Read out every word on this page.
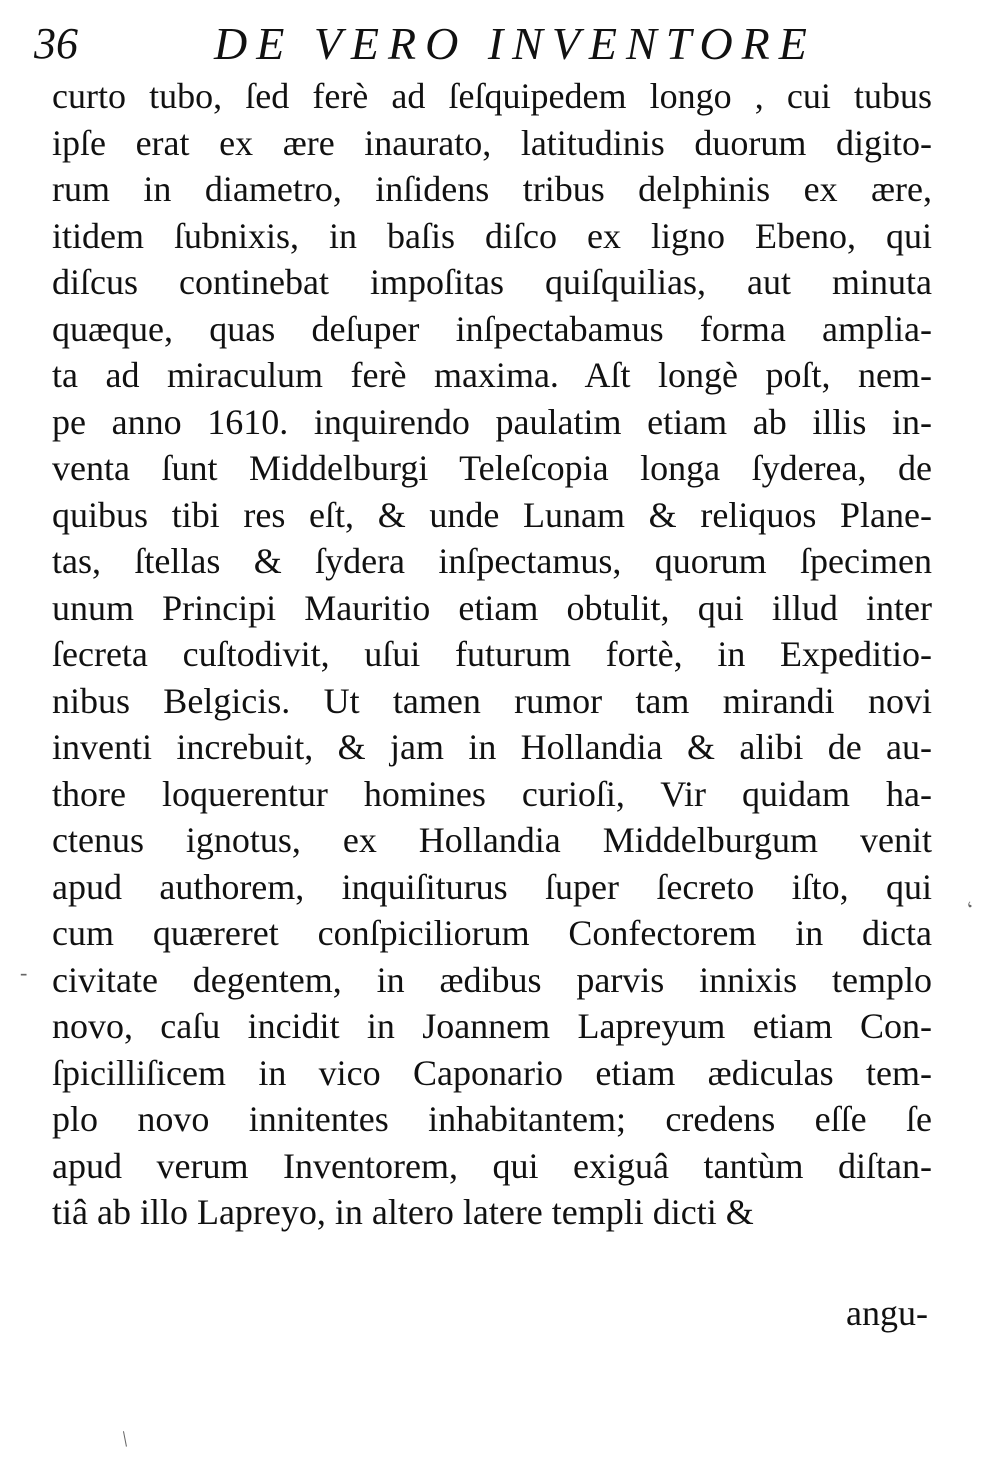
36	DE VERO INVENTORE
curto tubo, ſed ferè ad ſeſquipedem longo , cui tubus
ipſe erat ex ære inaurato, latitudinis duorum digito-
rum in diametro, inſidens tribus delphinis ex ære,
itidem ſubnixis, in baſis diſco ex ligno Ebeno, qui
diſcus continebat impoſitas quiſquilias, aut minuta
quæque, quas deſuper inſpectabamus forma amplia-
ta ad miraculum ferè maxima. Aſt longè poſt, nem-
pe anno 1610. inquirendo paulatim etiam ab illis in-
venta ſunt Middelburgi Teleſcopia longa ſyderea, de
quibus tibi res eſt, & unde Lunam & reliquos Plane-
tas, ſtellas & ſydera inſpectamus, quorum ſpecimen
unum Principi Mauritio etiam obtulit, qui illud inter
ſecreta cuſtodivit, uſui futurum fortè, in Expeditio-
nibus Belgicis. Ut tamen rumor tam mirandi novi
inventi increbuit, & jam in Hollandia & alibi de au-
thore loquerentur homines curioſi, Vir quidam ha-
ctenus ignotus, ex Hollandia Middelburgum venit
apud authorem, inquiſiturus ſuper ſecreto iſto, qui
cum quæreret conſpiciliorum Confectorem in dicta
civitate degentem, in ædibus parvis innixis templo
novo, caſu incidit in Joannem Lapreyum etiam Con-
ſpicilliſicem in vico Caponario etiam ædiculas tem-
plo novo innitentes inhabitantem; credens eſſe ſe
apud verum Inventorem, qui exiguâ tantùm diſtan-
tiâ ab illo Lapreyo, in altero latere templi dicti &
angu-
‘
-
/
